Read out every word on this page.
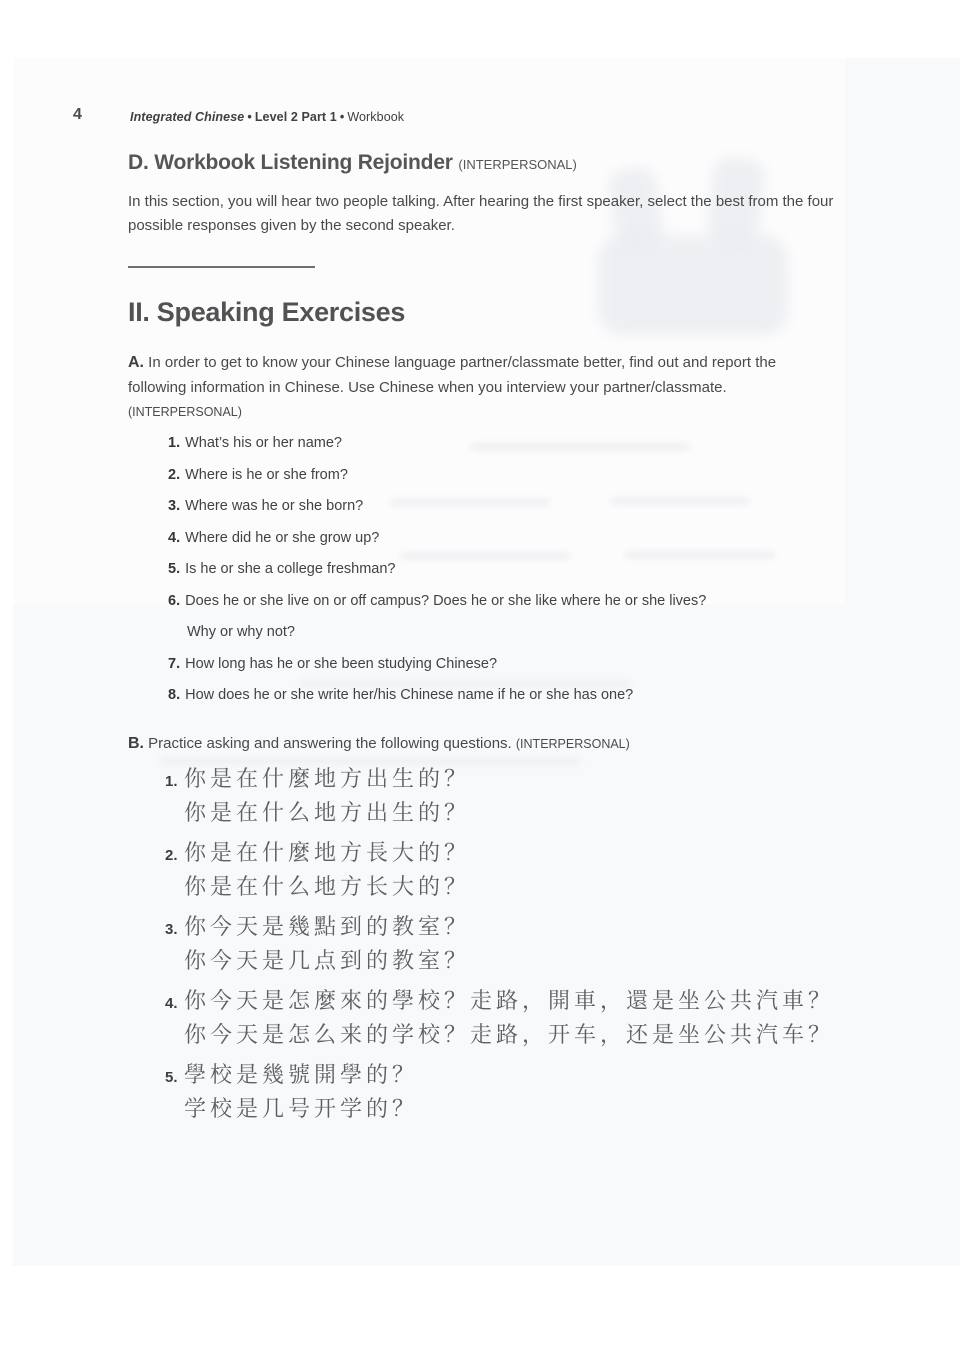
4	Integrated Chinese • Level 2 Part 1 • Workbook
D. Workbook Listening Rejoinder (INTERPERSONAL)
In this section, you will hear two people talking. After hearing the first speaker, select the best from the four possible responses given by the second speaker.
II. Speaking Exercises
A. In order to get to know your Chinese language partner/classmate better, find out and report the following information in Chinese. Use Chinese when you interview your partner/classmate.
(INTERPERSONAL)
1. What’s his or her name?
2. Where is he or she from?
3. Where was he or she born?
4. Where did he or she grow up?
5. Is he or she a college freshman?
6. Does he or she live on or off campus? Does he or she like where he or she lives?
Why or why not?
7. How long has he or she been studying Chinese?
8. How does he or she write her/his Chinese name if he or she has one?
B. Practice asking and answering the following questions. (INTERPERSONAL)
1. 你是在什麼地方出生的？
你是在什么地方出生的？
2. 你是在什麼地方長大的？
你是在什么地方长大的？
3. 你今天是幾點到的教室？
你今天是几点到的教室？
4. 你今天是怎麼來的學校？走路，開車，還是坐公共汽車？
你今天是怎么来的学校？走路，开车，还是坐公共汽车？
5. 學校是幾號開學的？
学校是几号开学的？
